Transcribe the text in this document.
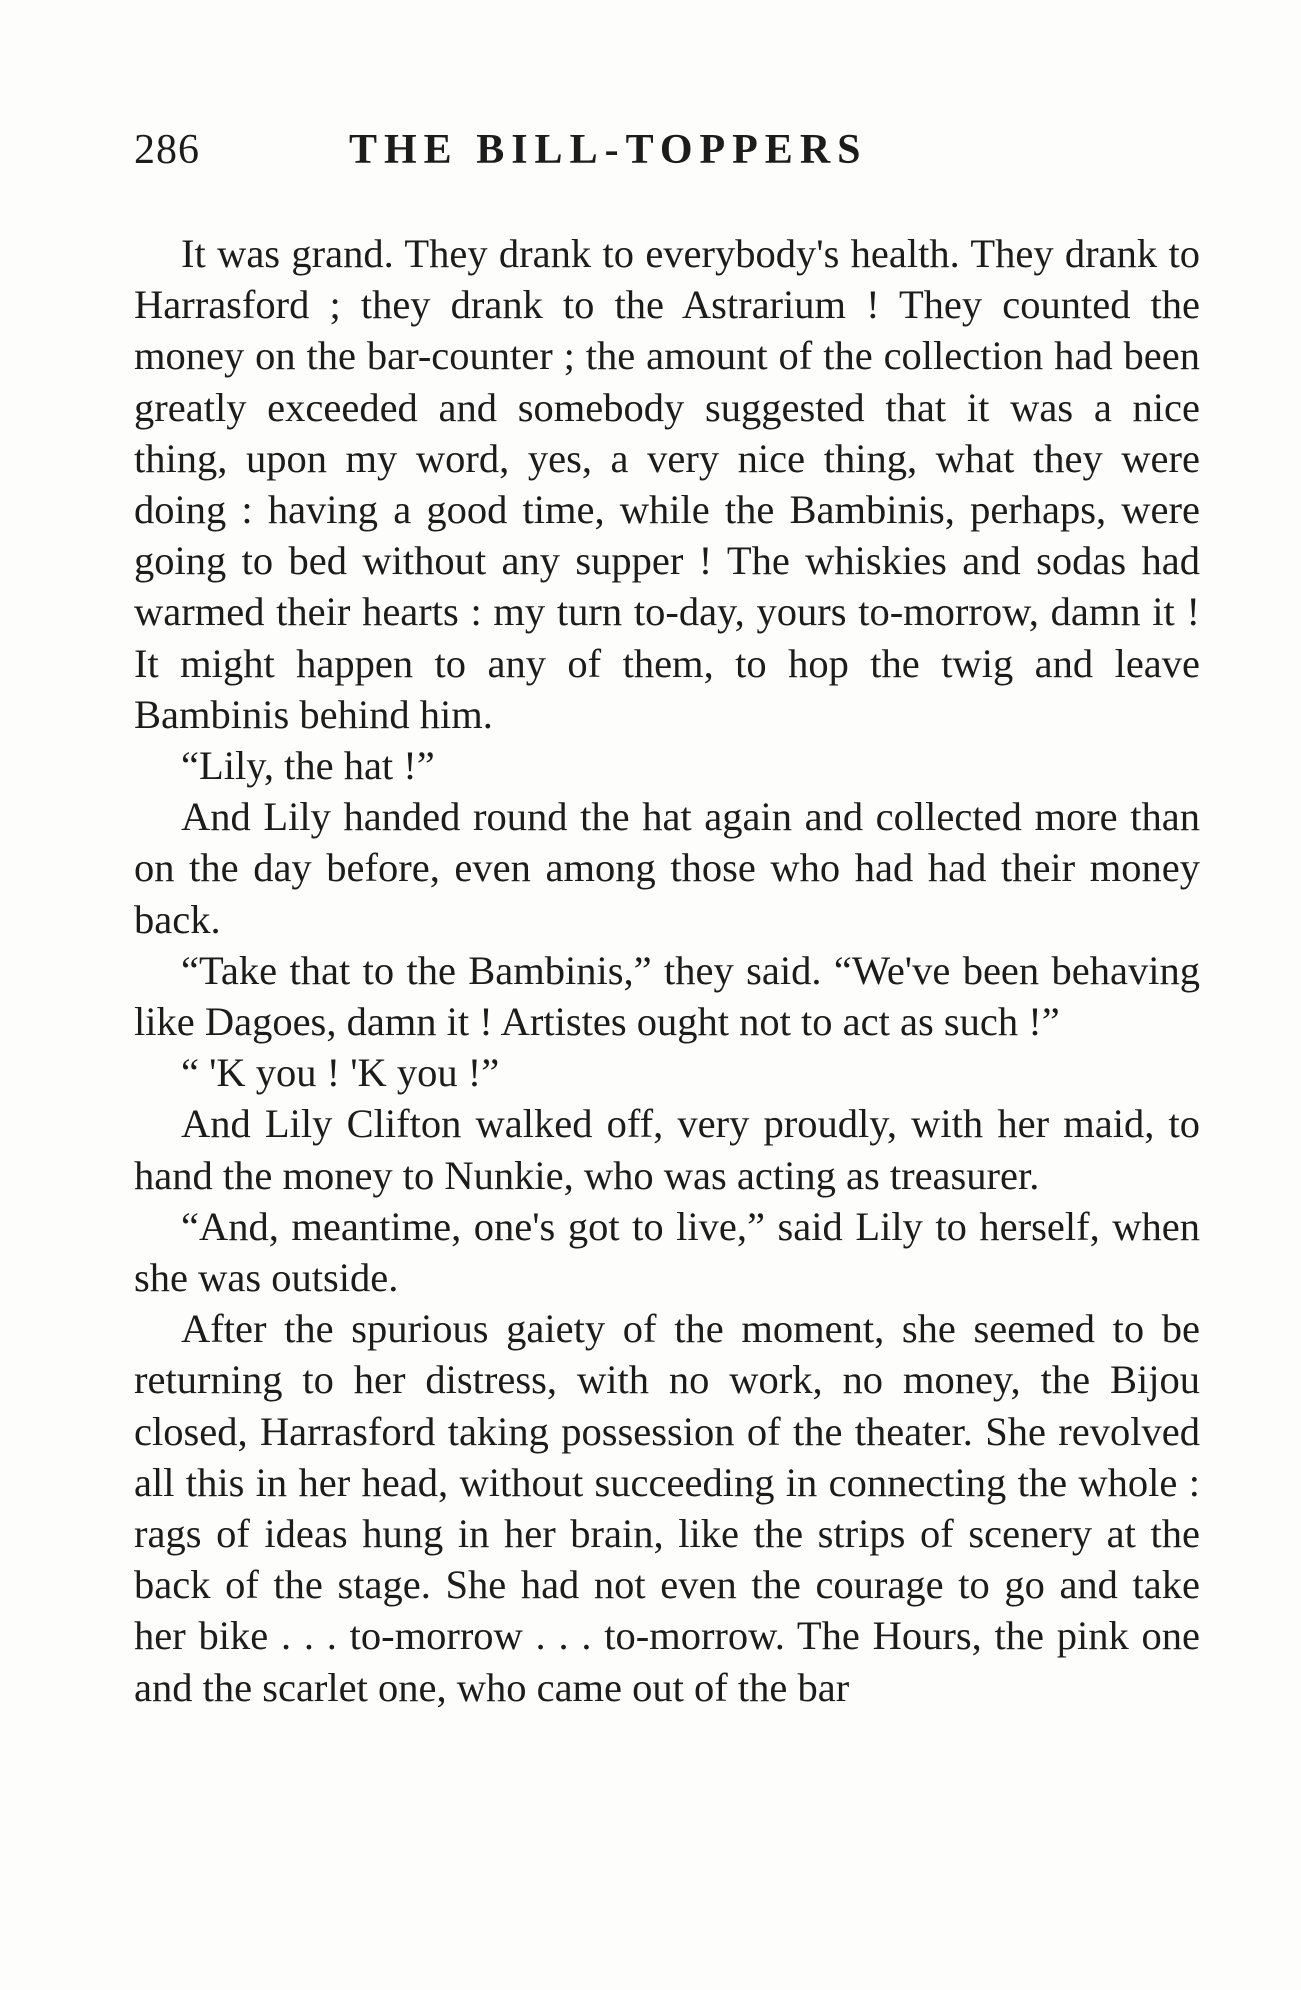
286	THE BILL-TOPPERS

It was grand. They drank to everybody's health. They drank to Harrasford ; they drank to the Astrarium ! They counted the money on the bar-counter ; the amount of the collection had been greatly exceeded and somebody suggested that it was a nice thing, upon my word, yes, a very nice thing, what they were doing : having a good time, while the Bambinis, perhaps, were going to bed without any supper ! The whiskies and sodas had warmed their hearts : my turn to-day, yours to-morrow, damn it ! It might happen to any of them, to hop the twig and leave Bambinis behind him.

“Lily, the hat !”

And Lily handed round the hat again and collected more than on the day before, even among those who had had their money back.

“Take that to the Bambinis,” they said. “We've been behaving like Dagoes, damn it ! Artistes ought not to act as such !”

“ 'K you ! 'K you !”

And Lily Clifton walked off, very proudly, with her maid, to hand the money to Nunkie, who was acting as treasurer.

“And, meantime, one's got to live,” said Lily to herself, when she was outside.

After the spurious gaiety of the moment, she seemed to be returning to her distress, with no work, no money, the Bijou closed, Harrasford taking possession of the theater. She revolved all this in her head, without succeeding in connecting the whole : rags of ideas hung in her brain, like the strips of scenery at the back of the stage. She had not even the courage to go and take her bike . . . to-morrow . . . to-morrow. The Hours, the pink one and the scarlet one, who came out of the bar
